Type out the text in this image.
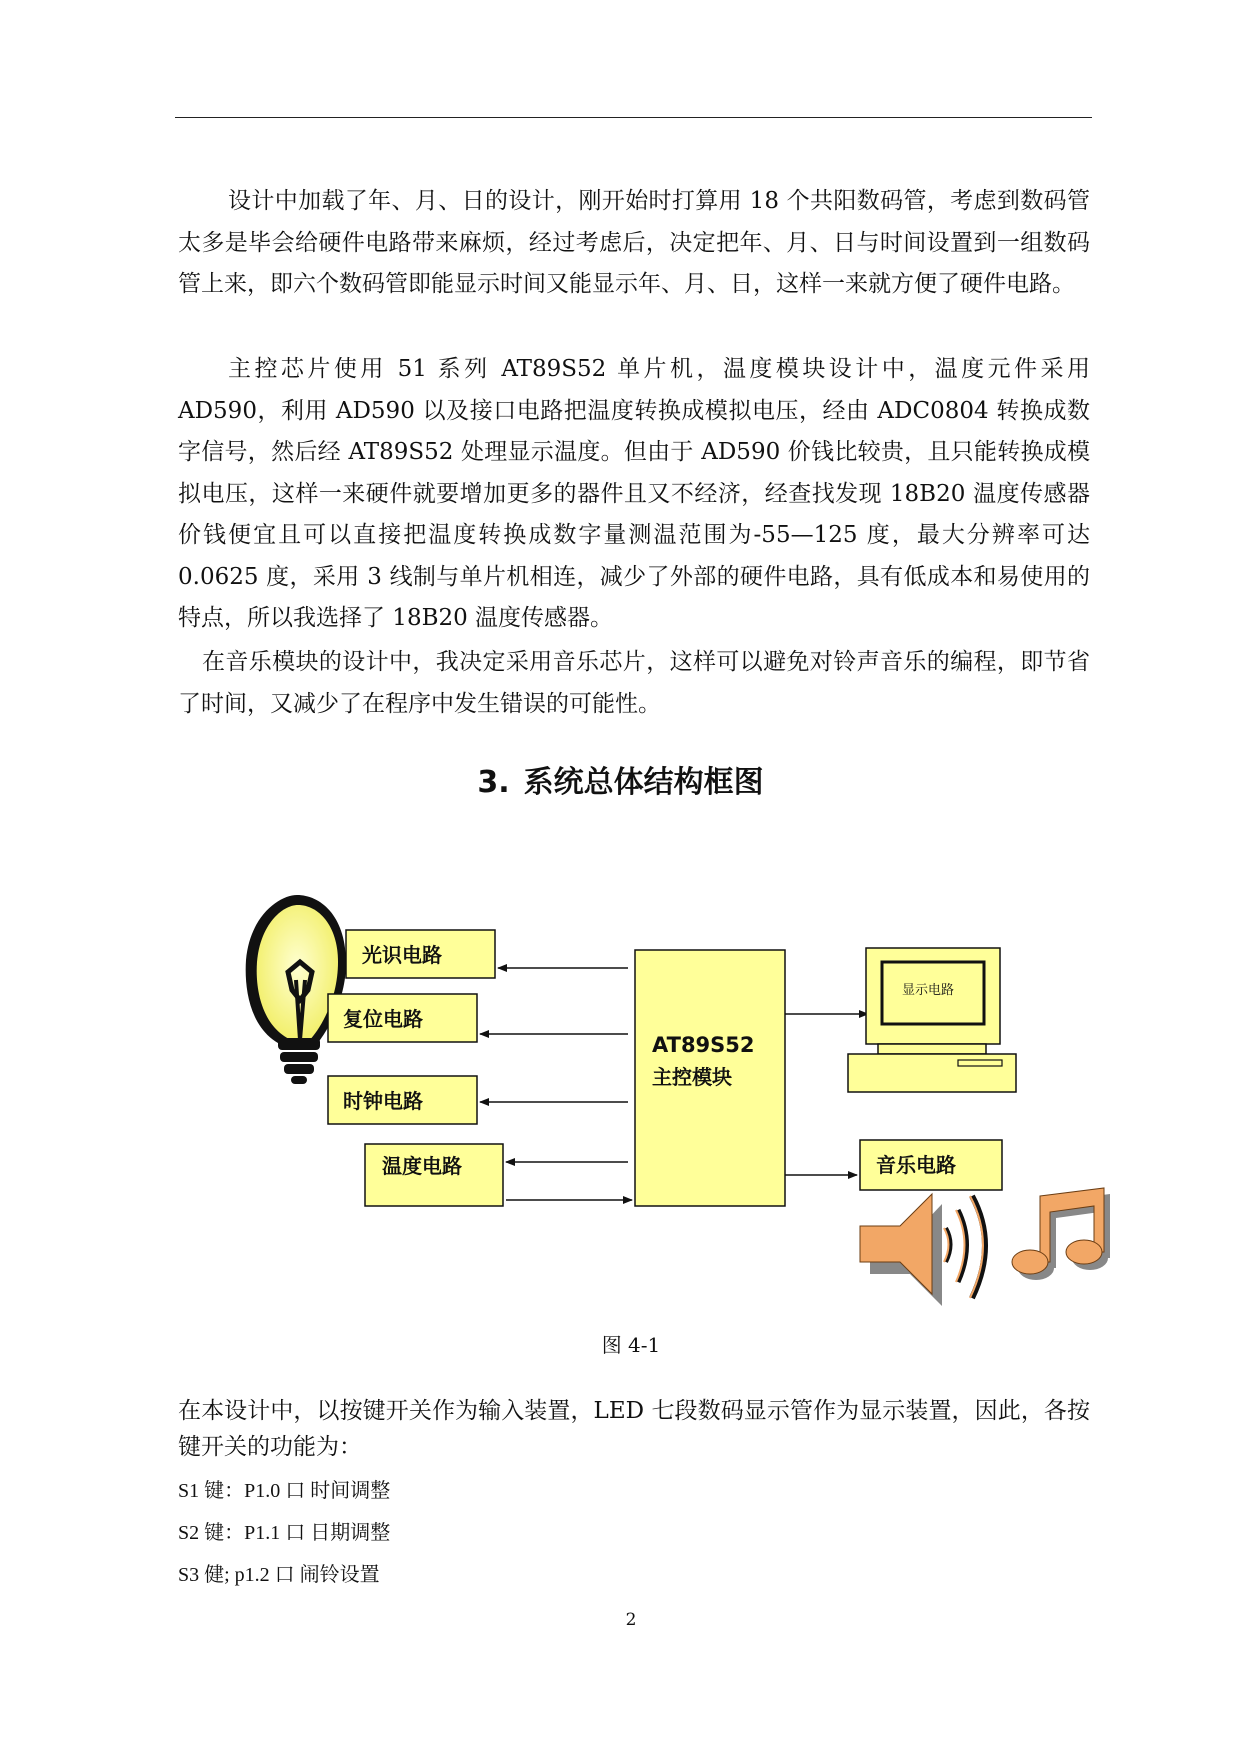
设计中加载了年、月、日的设计，刚开始时打算用 18 个共阳数码管，考虑到数码管太多是毕会给硬件电路带来麻烦，经过考虑后，决定把年、月、日与时间设置到一组数码管上来，即六个数码管即能显示时间又能显示年、月、日，这样一来就方便了硬件电路。

主控芯片使用 51 系列 AT89S52 单片机，温度模块设计中，温度元件采用 AD590，利用 AD590 以及接口电路把温度转换成模拟电压，经由 ADC0804 转换成数字信号，然后经 AT89S52 处理显示温度。但由于 AD590 价钱比较贵，且只能转换成模拟电压，这样一来硬件就要增加更多的器件且又不经济，经查找发现 18B20 温度传感器价钱便宜且可以直接把温度转换成数字量测温范围为-55—125 度，最大分辨率可达 0.0625 度，采用 3 线制与单片机相连，减少了外部的硬件电路，具有低成本和易使用的特点，所以我选择了 18B20 温度传感器。

在音乐模块的设计中，我决定采用音乐芯片，这样可以避免对铃声音乐的编程，即节省了时间，又减少了在程序中发生错误的可能性。

3. 系统总体结构框图
光识电路
复位电路
时钟电路
温度电路	音乐电路
AT89S52
主控模块
显示电路
图 4-1

在本设计中，以按键开关作为输入装置，LED 七段数码显示管作为显示装置，因此，各按键开关的功能为：

S1 键：P1.0 口 时间调整
S2 键：P1.1 口 日期调整
S3 健; p1.2 口 闹铃设置
2
